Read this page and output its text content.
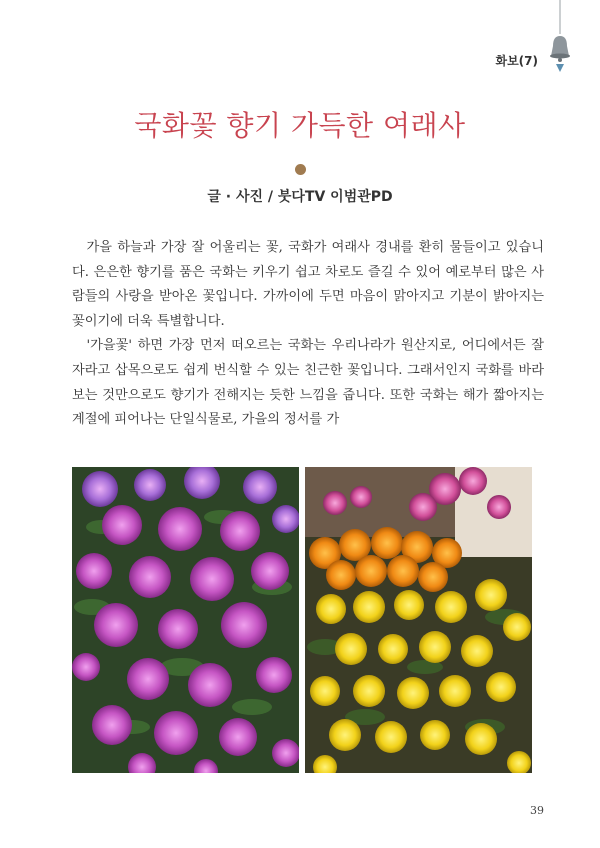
화보(7)
국화꽃 향기 가득한 여래사
글 · 사진 / 붓다TV 이범관PD

가을 하늘과 가장 잘 어울리는 꽃, 국화가 여래사 경내를 환히 물들이고 있습니다. 은은한 향기를 품은 국화는 키우기 쉽고 차로도 즐길 수 있어 예로부터 많은 사람들의 사랑을 받아온 꽃입니다. 가까이에 두면 마음이 맑아지고 기분이 밝아지는 꽃이기에 더욱 특별합니다.

'가을꽃' 하면 가장 먼저 떠오르는 국화는 우리나라가 원산지로, 어디에서든 잘 자라고 삽목으로도 쉽게 번식할 수 있는 친근한 꽃입니다. 그래서인지 국화를 바라보는 것만으로도 향기가 전해지는 듯한 느낌을 줍니다. 또한 국화는 해가 짧아지는 계절에 피어나는 단일식물로, 가을의 정서를 가

39
